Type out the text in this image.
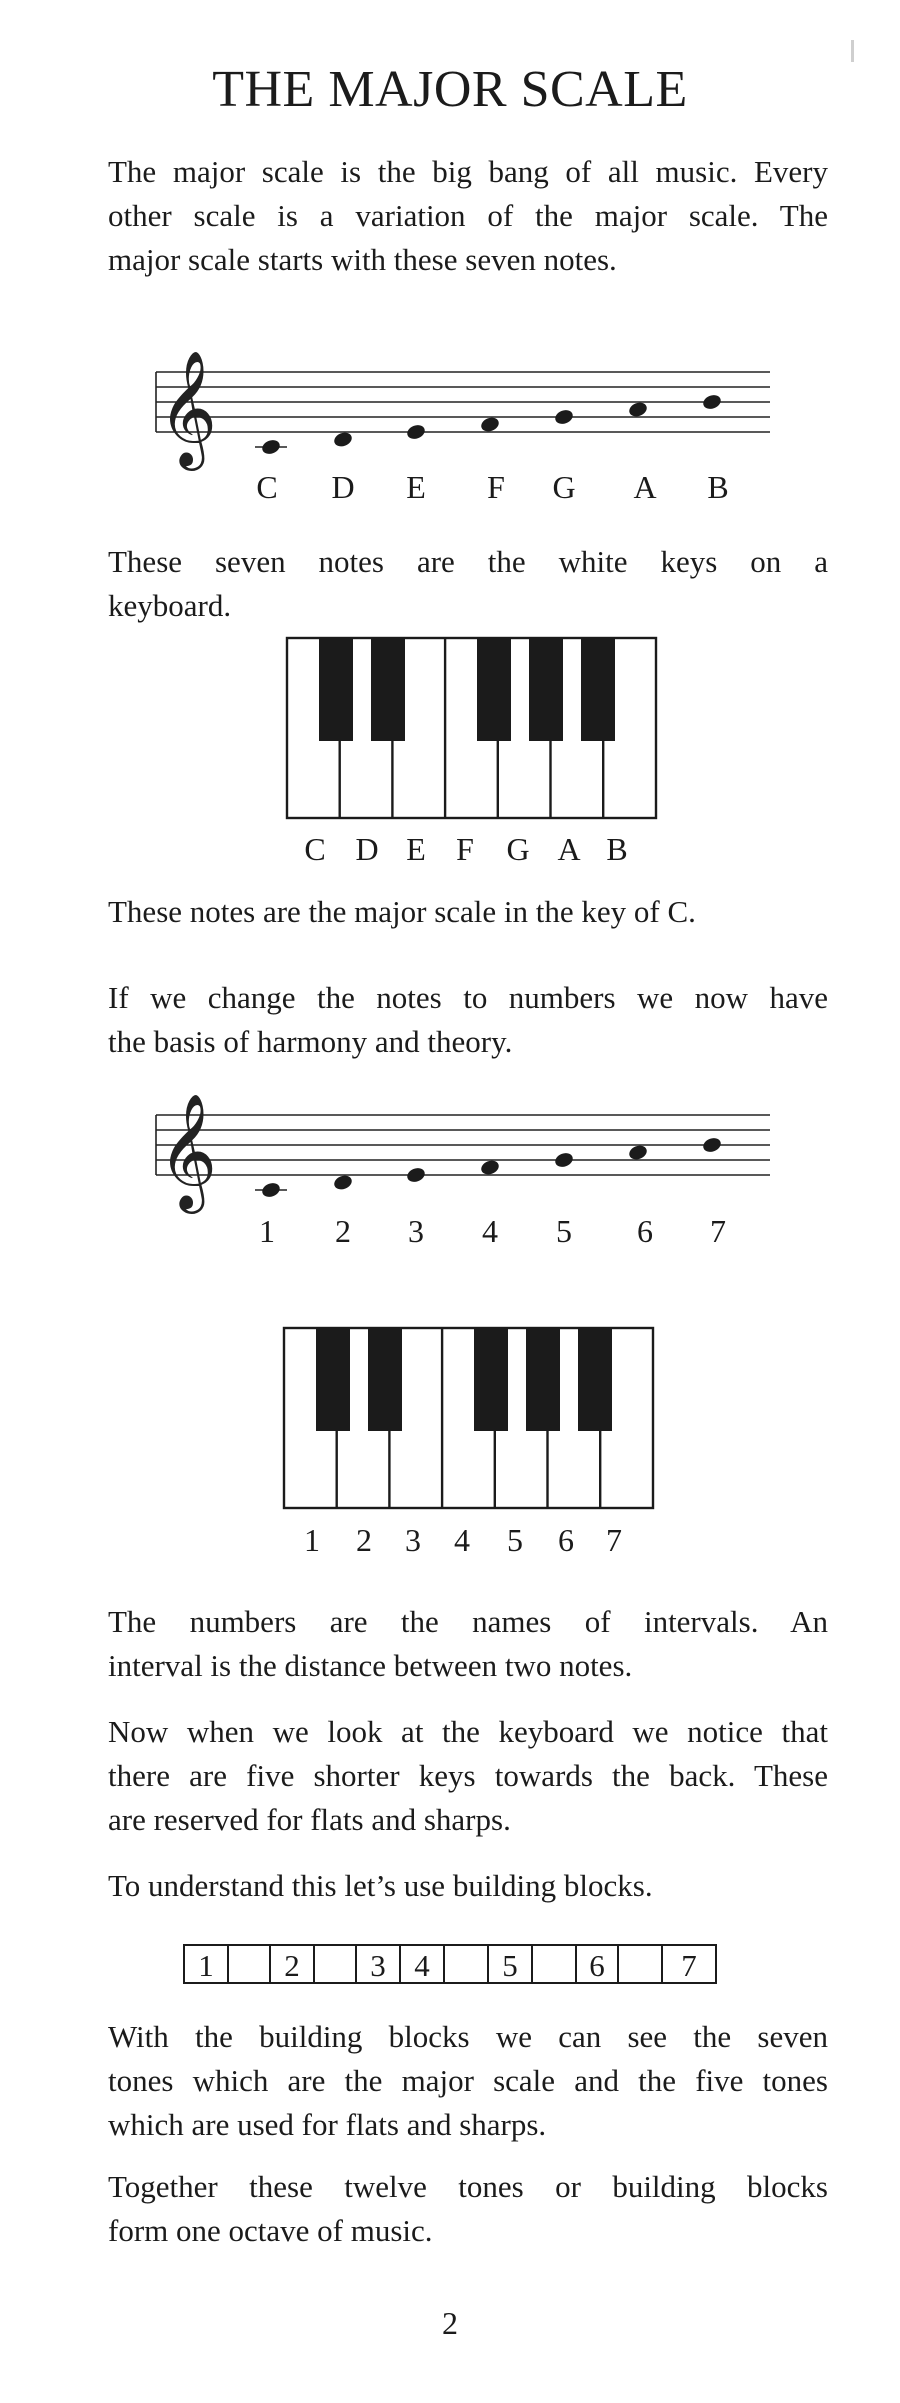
THE MAJOR SCALE
The major scale is the big bang of all music. Every
other scale is a variation of the major scale. The
major scale starts with these seven notes.
𝄞
C D E F G A B
These seven notes are the white keys on a
keyboard.
C D E F G A B
These notes are the major scale in the key of C.
If we change the notes to numbers we now have
the basis of harmony and theory.
𝄞
1 2 3 4 5 6 7
1 2 3 4 5 6 7
The numbers are the names of intervals. An
interval is the distance between two notes.
Now when we look at the keyboard we notice that
there are five shorter keys towards the back. These
are reserved for flats and sharps.
To understand this let’s use building blocks.
1 2 3 4 5 6 7
With the building blocks we can see the seven
tones which are the major scale and the five tones
which are used for flats and sharps.
Together these twelve tones or building blocks
form one octave of music.
2
